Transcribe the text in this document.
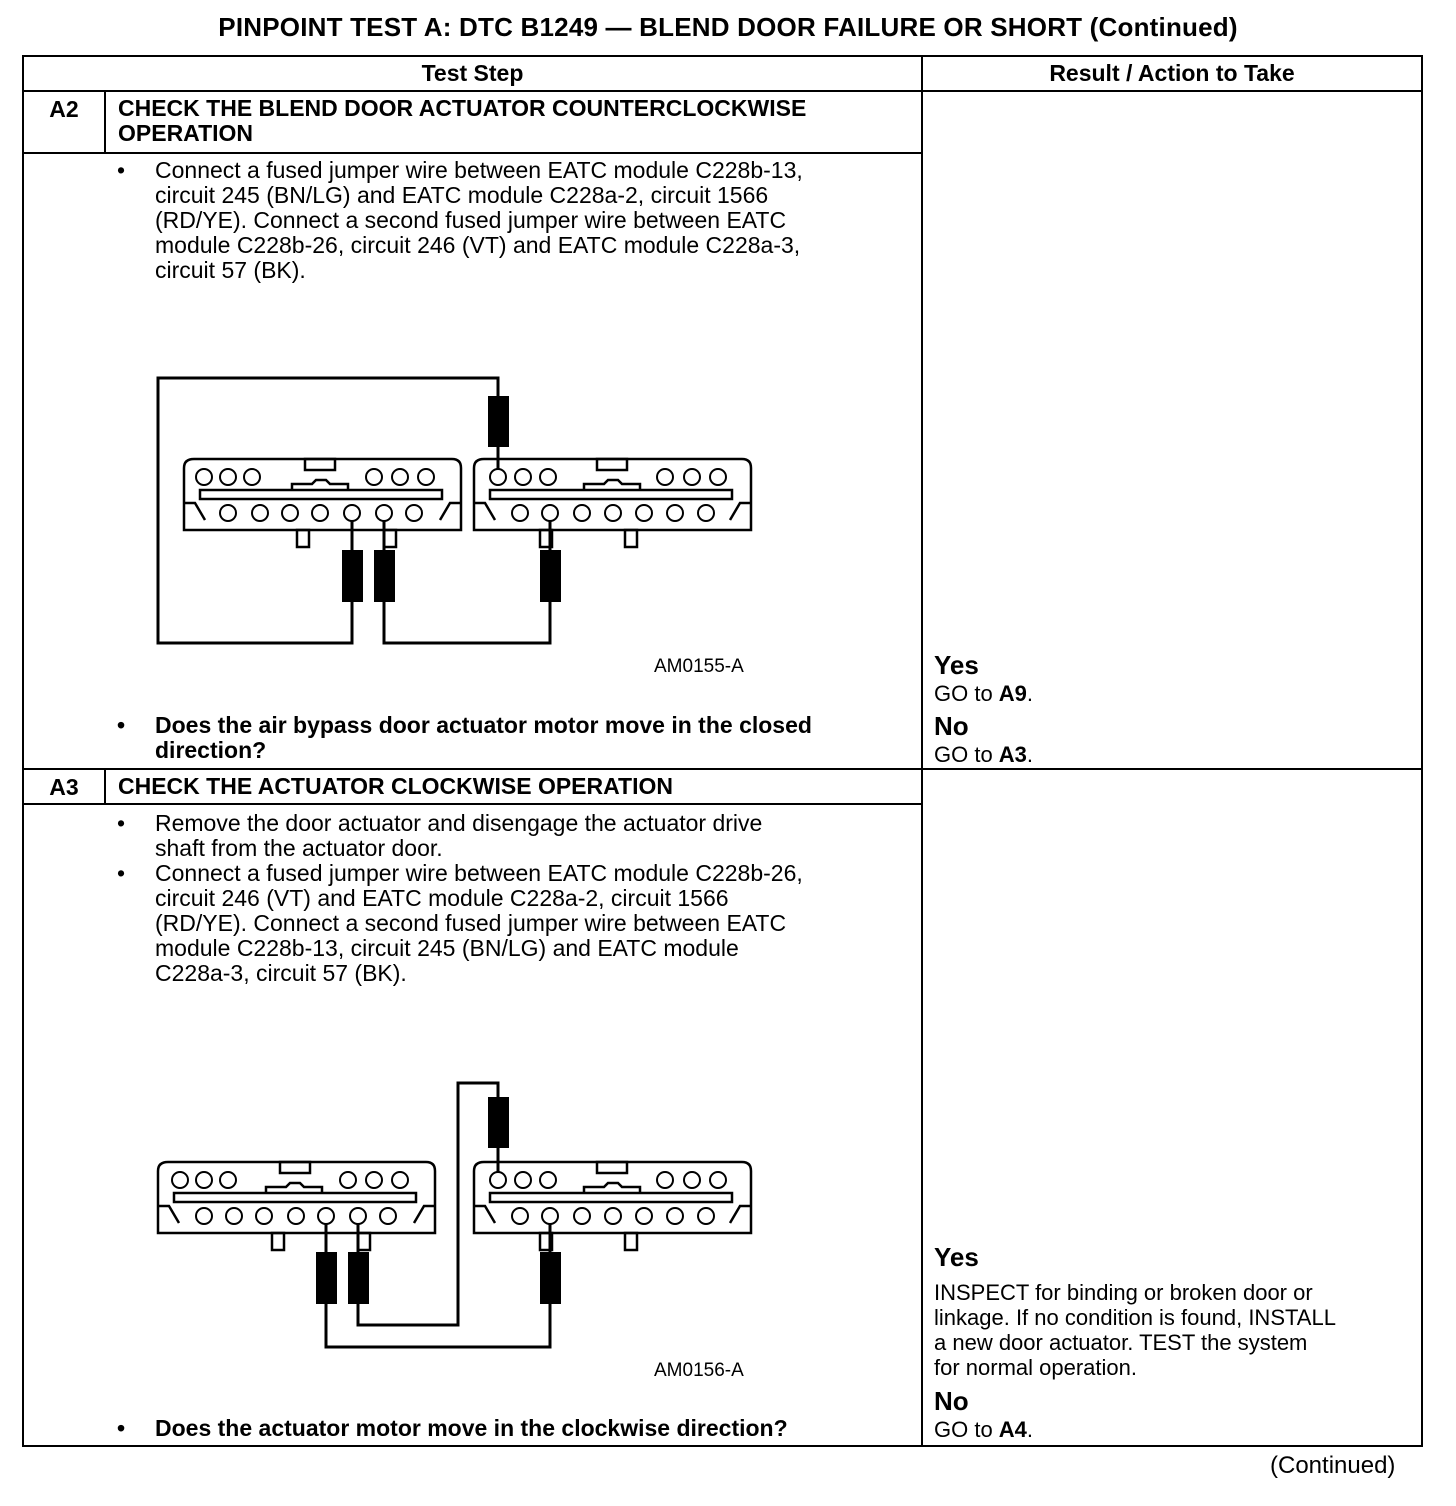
PINPOINT TEST A: DTC B1249 — BLEND DOOR FAILURE OR SHORT (Continued)
Test Step	Result / Action to Take
A2	CHECK THE BLEND DOOR ACTUATOR COUNTERCLOCKWISE
OPERATION
• Connect a fused jumper wire between EATC module C228b-13,
circuit 245 (BN/LG) and EATC module C228a-2, circuit 1566
(RD/YE). Connect a second fused jumper wire between EATC
module C228b-26, circuit 246 (VT) and EATC module C228a-3,
circuit 57 (BK).
AM0155-A
• Does the air bypass door actuator motor move in the closed
direction?
Yes
GO to A9.
No
GO to A3.
A3	CHECK THE ACTUATOR CLOCKWISE OPERATION
• Remove the door actuator and disengage the actuator drive
shaft from the actuator door.
• Connect a fused jumper wire between EATC module C228b-26,
circuit 246 (VT) and EATC module C228a-2, circuit 1566
(RD/YE). Connect a second fused jumper wire between EATC
module C228b-13, circuit 245 (BN/LG) and EATC module
C228a-3, circuit 57 (BK).
AM0156-A
• Does the actuator motor move in the clockwise direction?
Yes
INSPECT for binding or broken door or
linkage. If no condition is found, INSTALL
a new door actuator. TEST the system
for normal operation.
No
GO to A4.
(Continued)
